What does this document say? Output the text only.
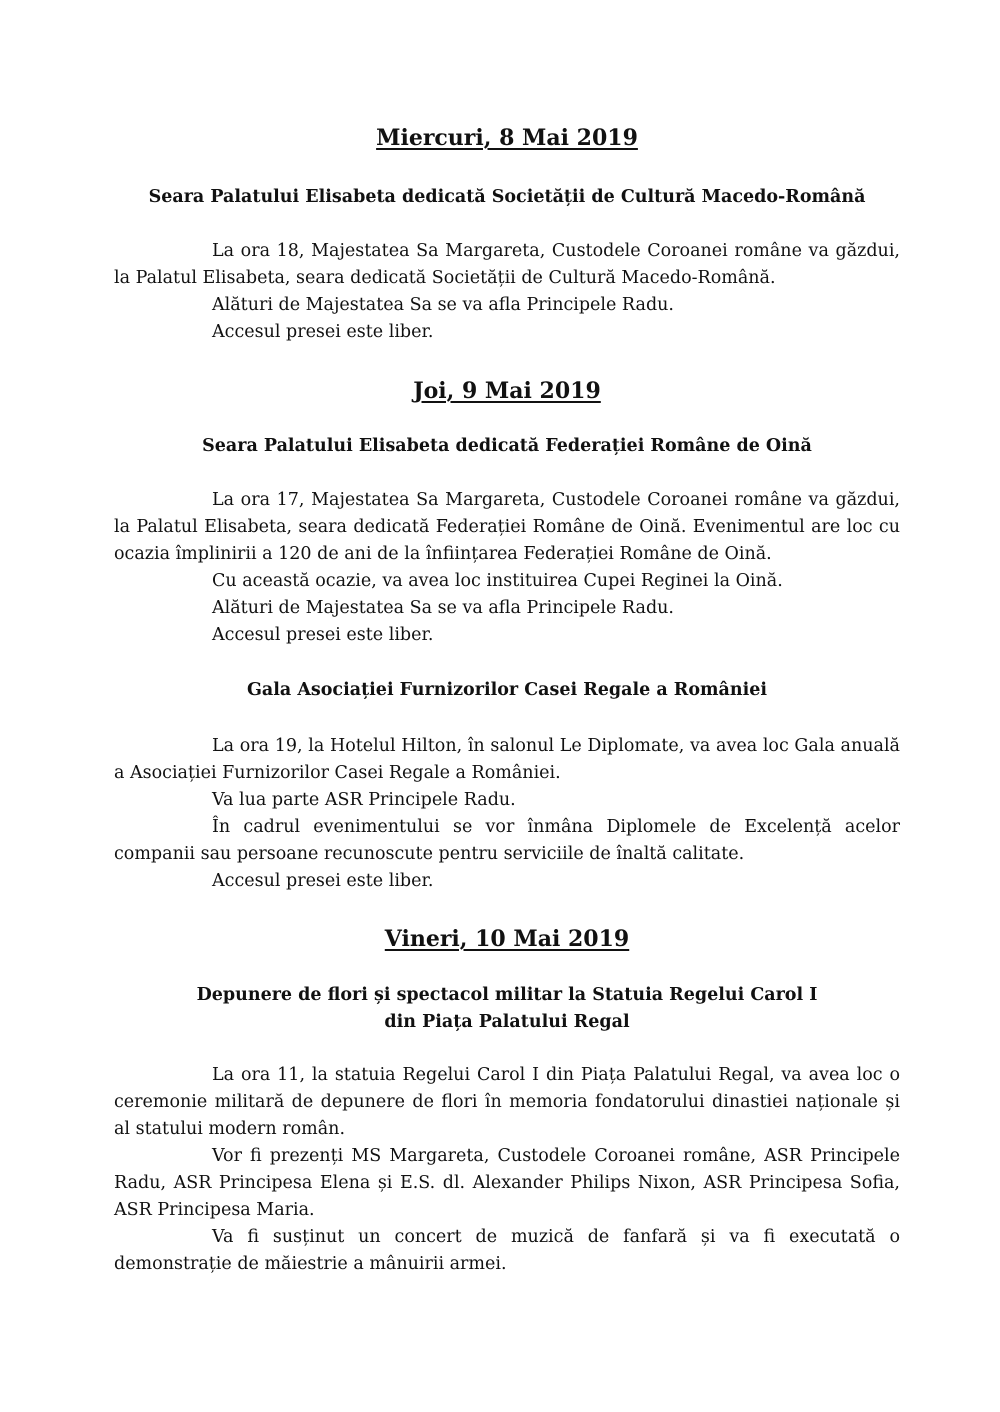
Miercuri, 8 Mai 2019
Seara Palatului Elisabeta dedicată Societății de Cultură Macedo-Română

La ora 18, Majestatea Sa Margareta, Custodele Coroanei române va găzdui, la Palatul Elisabeta, seara dedicată Societății de Cultură Macedo-Română.

Alături de Majestatea Sa se va afla Principele Radu.

Accesul presei este liber.

Joi, 9 Mai 2019
Seara Palatului Elisabeta dedicată Federației Române de Oină

La ora 17, Majestatea Sa Margareta, Custodele Coroanei române va găzdui, la Palatul Elisabeta, seara dedicată Federației Române de Oină. Evenimentul are loc cu ocazia împlinirii a 120 de ani de la înființarea Federației Române de Oină.

Cu această ocazie, va avea loc instituirea Cupei Reginei la Oină.

Alături de Majestatea Sa se va afla Principele Radu.

Accesul presei este liber.

Gala Asociației Furnizorilor Casei Regale a României

La ora 19, la Hotelul Hilton, în salonul Le Diplomate, va avea loc Gala anuală a Asociației Furnizorilor Casei Regale a României.

Va lua parte ASR Principele Radu.

În cadrul evenimentului se vor înmâna Diplomele de Excelență acelor companii sau persoane recunoscute pentru serviciile de înaltă calitate.

Accesul presei este liber.

Vineri, 10 Mai 2019
Depunere de flori și spectacol militar la Statuia Regelui Carol I
din Piața Palatului Regal

La ora 11, la statuia Regelui Carol I din Piața Palatului Regal, va avea loc o ceremonie militară de depunere de flori în memoria fondatorului dinastiei naționale și al statului modern român.

Vor fi prezenți MS Margareta, Custodele Coroanei române, ASR Principele Radu, ASR Principesa Elena și E.S. dl. Alexander Philips Nixon, ASR Principesa Sofia, ASR Principesa Maria.

Va fi susținut un concert de muzică de fanfară și va fi executată o demonstrație de măiestrie a mânuirii armei.
